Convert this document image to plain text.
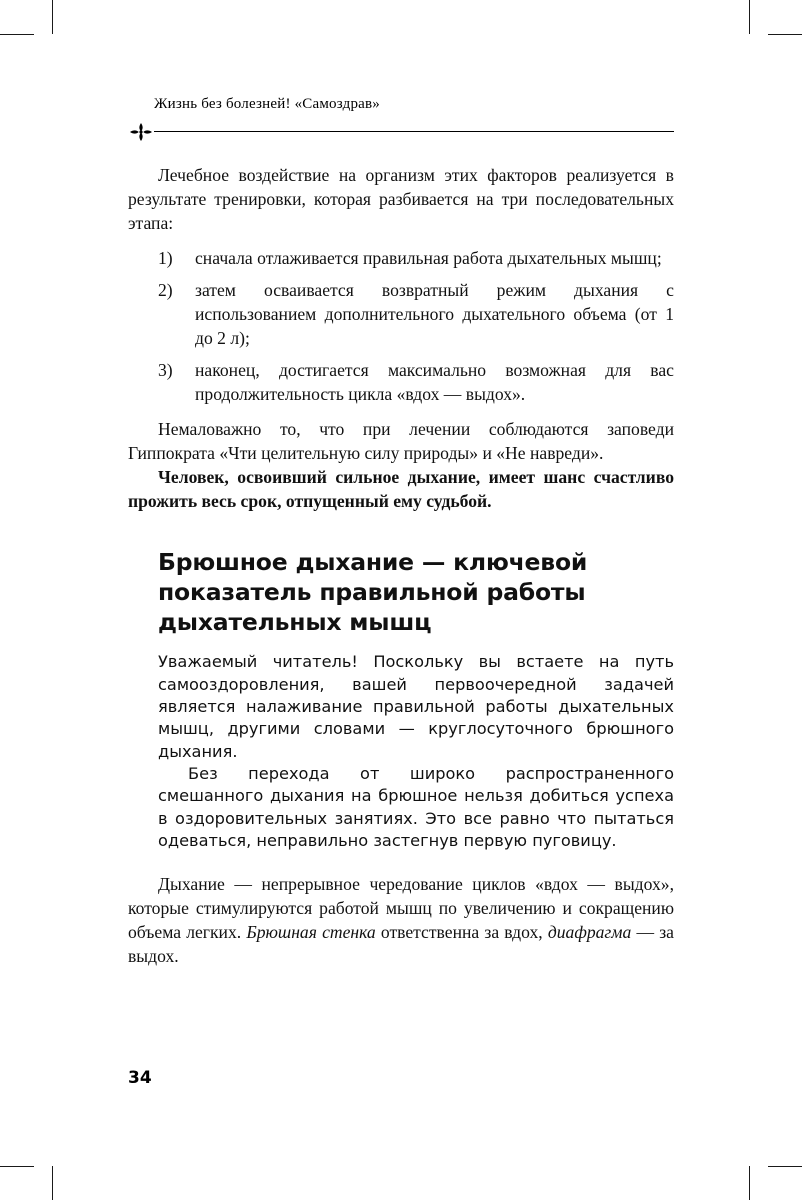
Жизнь без болезней! «Самоздрав»

Лечебное воздействие на организм этих факторов реализуется в результате тренировки, которая разбивается на три последовательных этапа:

1)	сначала отлаживается правильная работа дыхательных мышц;
2)	затем осваивается возвратный режим дыхания с использованием дополнительного дыхательного объема (от 1 до 2 л);
3)	наконец, достигается максимально возможная для вас продолжительность цикла «вдох — выдох».

Немаловажно то, что при лечении соблюдаются заповеди Гиппократа «Чти целительную силу природы» и «Не навреди».

Человек, освоивший сильное дыхание, имеет шанс счастливо прожить весь срок, отпущенный ему судьбой.

Брюшное дыхание — ключевой показатель правильной работы дыхательных мышц

Уважаемый читатель! Поскольку вы встаете на путь самооздоровления, вашей первоочередной задачей является налаживание правильной работы дыхательных мышц, другими словами — круглосуточного брюшного дыхания.

Без перехода от широко распространенного смешанного дыхания на брюшное нельзя добиться успеха в оздоровительных занятиях. Это все равно что пытаться одеваться, неправильно застегнув первую пуговицу.

Дыхание — непрерывное чередование циклов «вдох — выдох», которые стимулируются работой мышц по увеличению и сокращению объема легких. Брюшная стенка ответственна за вдох, диафрагма — за выдох.

34
